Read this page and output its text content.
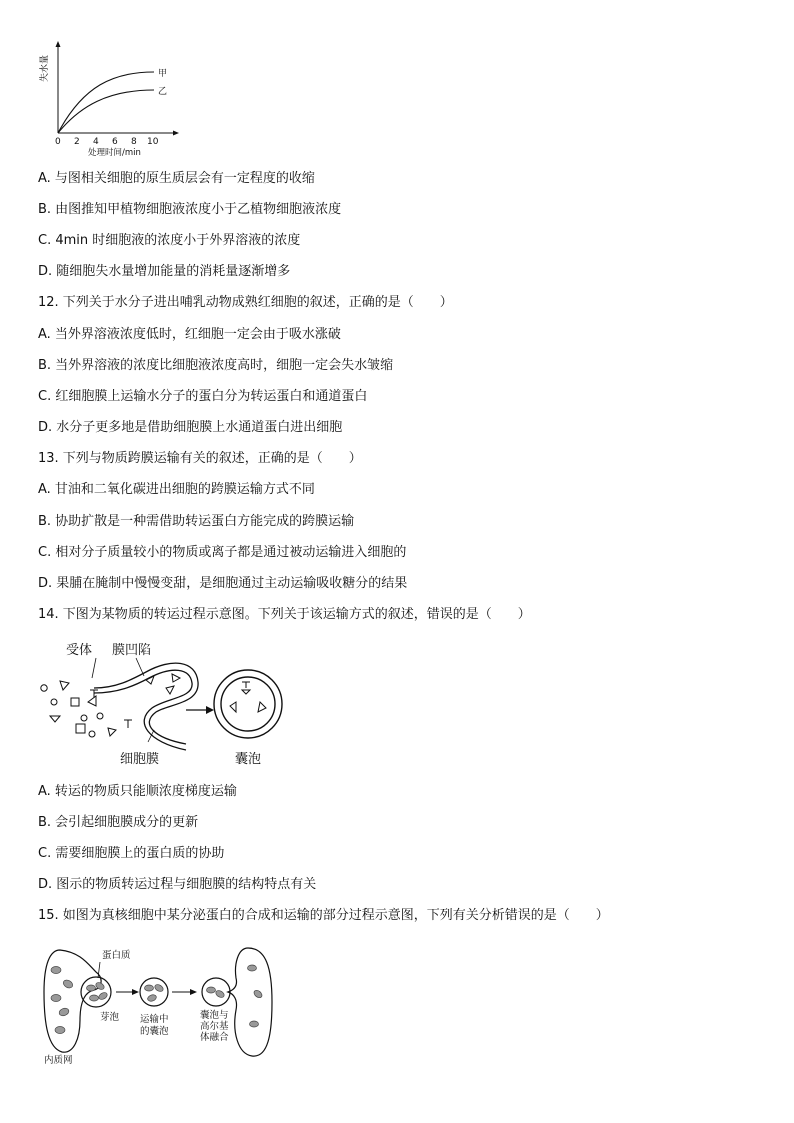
失水量	甲
乙
0 2 4 6 8 10
处理时间/min
A. 与图相关细胞的原生质层会有一定程度的收缩
B. 由图推知甲植物细胞液浓度小于乙植物细胞液浓度
C. 4min 时细胞液的浓度小于外界溶液的浓度
D. 随细胞失水量增加能量的消耗量逐渐增多
12. 下列关于水分子进出哺乳动物成熟红细胞的叙述，正确的是（　　）
A. 当外界溶液浓度低时，红细胞一定会由于吸水涨破
B. 当外界溶液的浓度比细胞液浓度高时，细胞一定会失水皱缩
C. 红细胞膜上运输水分子的蛋白分为转运蛋白和通道蛋白
D. 水分子更多地是借助细胞膜上水通道蛋白进出细胞
13. 下列与物质跨膜运输有关的叙述，正确的是（　　）
A. 甘油和二氧化碳进出细胞的跨膜运输方式不同
B. 协助扩散是一种需借助转运蛋白方能完成的跨膜运输
C. 相对分子质量较小的物质或离子都是通过被动运输进入细胞的
D. 果脯在腌制中慢慢变甜，是细胞通过主动运输吸收糖分的结果
14. 下图为某物质的转运过程示意图。下列关于该运输方式的叙述，错误的是（　　）
受体 膜凹陷
细胞膜	囊泡
A. 转运的物质只能顺浓度梯度运输
B. 会引起细胞膜成分的更新
C. 需要细胞膜上的蛋白质的协助
D. 图示的物质转运过程与细胞膜的结构特点有关
15. 如图为真核细胞中某分泌蛋白的合成和运输的部分过程示意图，下列有关分析错误的是（　　）
蛋白质
芽泡 运输中
的囊泡
囊泡与
高尔基
体融合
内质网
